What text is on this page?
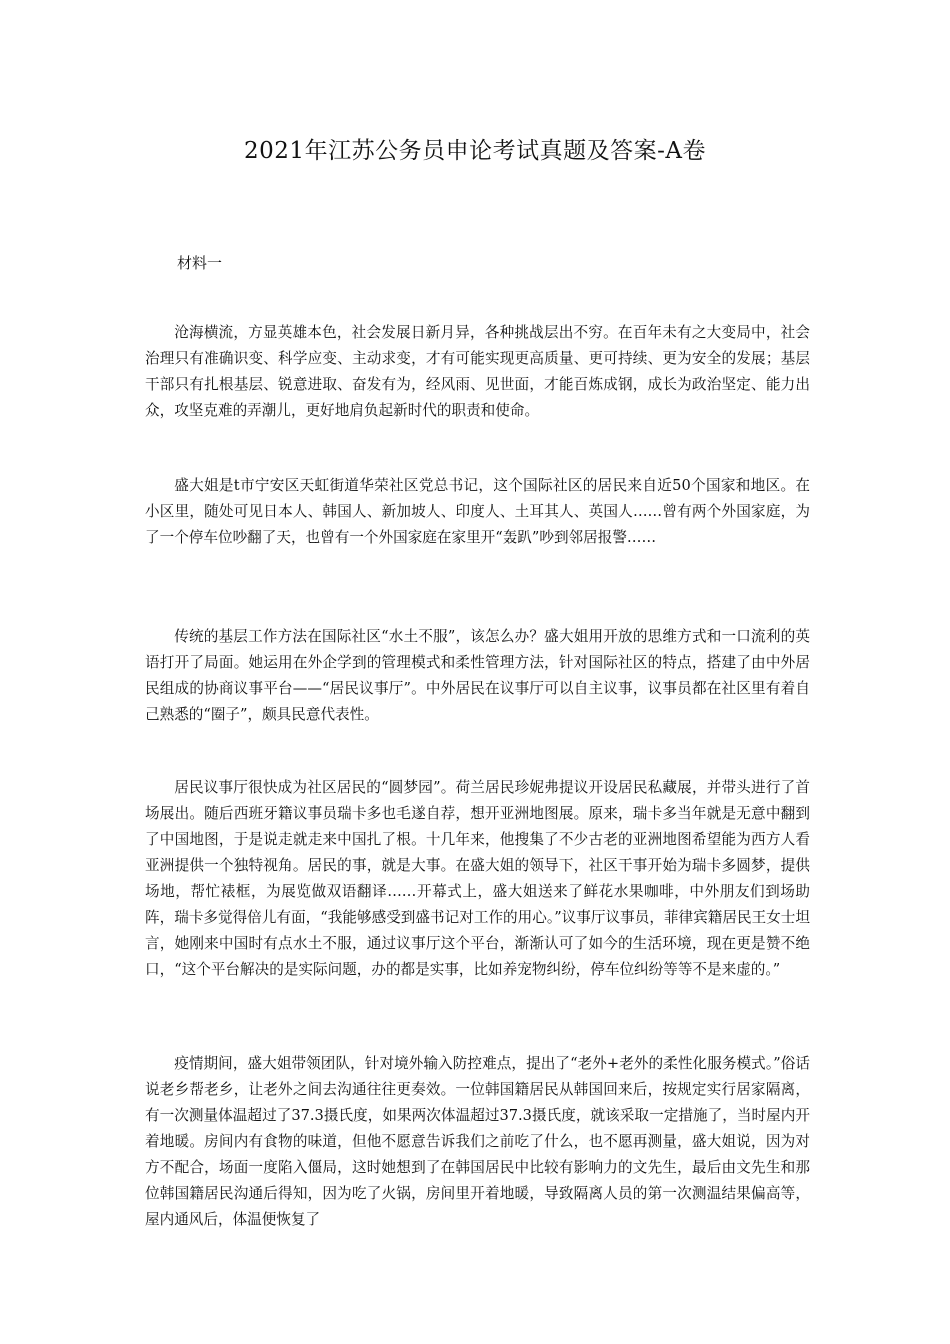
2021年江苏公务员申论考试真题及答案-A卷
材料一

沧海横流，方显英雄本色，社会发展日新月异，各种挑战层出不穷。在百年未有之大变局中，社会治理只有准确识变、科学应变、主动求变，才有可能实现更高质量、更可持续、更为安全的发展；基层干部只有扎根基层、锐意进取、奋发有为，经风雨、见世面，才能百炼成钢，成长为政治坚定、能力出众，攻坚克难的弄潮儿，更好地肩负起新时代的职责和使命。

盛大姐是t市宁安区天虹街道华荣社区党总书记，这个国际社区的居民来自近50个国家和地区。在小区里，随处可见日本人、韩国人、新加坡人、印度人、土耳其人、英国人……曾有两个外国家庭，为了一个停车位吵翻了天，也曾有一个外国家庭在家里开“轰趴”吵到邻居报警……

传统的基层工作方法在国际社区“水土不服”，该怎么办？盛大姐用开放的思维方式和一口流利的英语打开了局面。她运用在外企学到的管理模式和柔性管理方法，针对国际社区的特点，搭建了由中外居民组成的协商议事平台——“居民议事厅”。中外居民在议事厅可以自主议事，议事员都在社区里有着自己熟悉的“圈子”，颇具民意代表性。

居民议事厅很快成为社区居民的“圆梦园”。荷兰居民珍妮弗提议开设居民私藏展，并带头进行了首场展出。随后西班牙籍议事员瑞卡多也毛遂自荐，想开亚洲地图展。原来，瑞卡多当年就是无意中翻到了中国地图，于是说走就走来中国扎了根。十几年来，他搜集了不少古老的亚洲地图希望能为西方人看亚洲提供一个独特视角。居民的事，就是大事。在盛大姐的领导下，社区干事开始为瑞卡多圆梦，提供场地，帮忙裱框，为展览做双语翻译……开幕式上，盛大姐送来了鲜花水果咖啡，中外朋友们到场助阵，瑞卡多觉得倍儿有面，“我能够感受到盛书记对工作的用心。”议事厅议事员，菲律宾籍居民王女士坦言，她刚来中国时有点水土不服，通过议事厅这个平台，渐渐认可了如今的生活环境，现在更是赞不绝口，“这个平台解决的是实际问题，办的都是实事，比如养宠物纠纷，停车位纠纷等等不是来虚的。”

疫情期间，盛大姐带领团队，针对境外输入防控难点，提出了“老外+老外的柔性化服务模式。”俗话说老乡帮老乡，让老外之间去沟通往往更奏效。一位韩国籍居民从韩国回来后，按规定实行居家隔离，有一次测量体温超过了37.3摄氏度，如果两次体温超过37.3摄氏度，就该采取一定措施了，当时屋内开着地暖。房间内有食物的味道，但他不愿意告诉我们之前吃了什么，也不愿再测量，盛大姐说，因为对方不配合，场面一度陷入僵局，这时她想到了在韩国居民中比较有影响力的文先生，最后由文先生和那位韩国籍居民沟通后得知，因为吃了火锅，房间里开着地暖，导致隔离人员的第一次测温结果偏高等，屋内通风后，体温便恢复了
